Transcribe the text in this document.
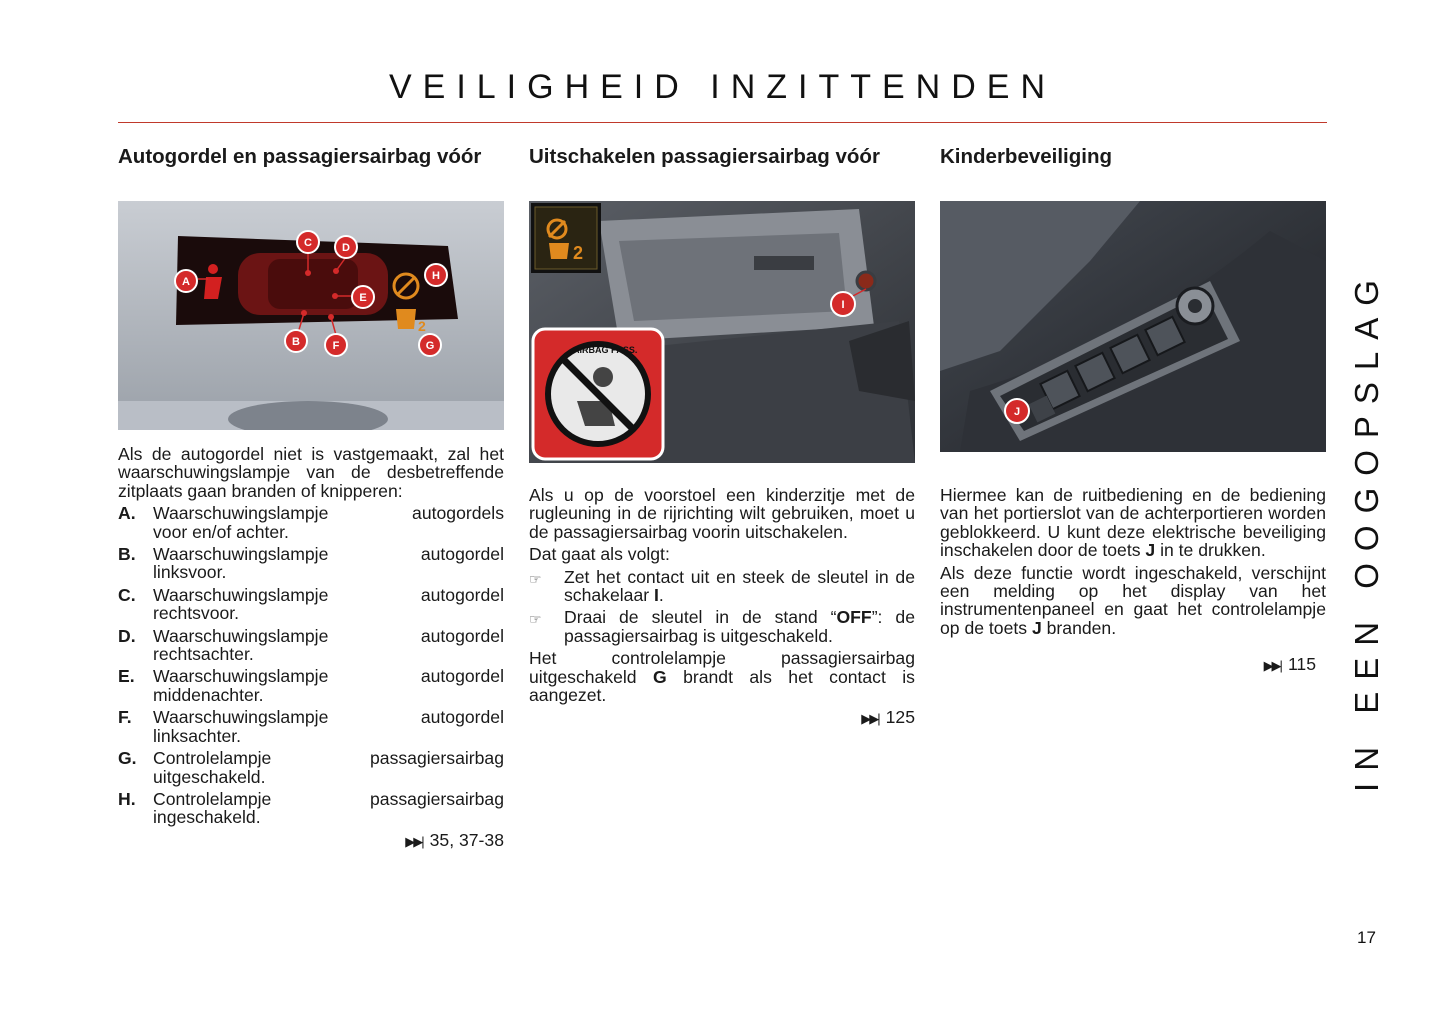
VEILIGHEID INZITTENDEN
Autogordel en passagiersairbag vóór
2
A
B
C	D
E
F	G
H

Als de autogordel niet is vastgemaakt, zal het waarschuwingslampje van de desbetreffende zitplaats gaan branden of knipperen:

A. Waarschuwingslampje	autogordels
voor en/of achter.
B. Waarschuwingslampje	autogordel
linksvoor.
C. Waarschuwingslampje	autogordel
rechtsvoor.
D. Waarschuwingslampje	autogordel
rechtsachter.
E.	Waarschuwingslampje	autogordel
middenachter.
F.	Waarschuwingslampje	autogordel
linksachter.
G. Controlelampje	passagiersairbag
uitgeschakeld.
H. Controlelampje	passagiersairbag
ingeschakeld.
▶▶| 35, 37-38
Uitschakelen passagiersairbag vóór
I
2
AIRBAG PASS.

Als u op de voorstoel een kinderzitje met de rugleuning in de rijrichting wilt gebruiken, moet u de passagiersairbag voorin uitschakelen.

Dat gaat als volgt:

☞	Zet het contact uit en steek de sleutel in de schakelaar I.
☞	Draai de sleutel in de stand “OFF”: de passagiersairbag is uitgeschakeld.

Het controlelampje passagiersairbag uitgeschakeld G brandt als het contact is aangezet.

▶▶| 125
Kinderbeveiliging
J

Hiermee kan de ruitbediening en de bediening van het portierslot van de achterportieren worden geblokkeerd. U kunt deze elektrische beveiliging inschakelen door de toets J in te drukken.

Als deze functie wordt ingeschakeld, verschijnt een melding op het display van het instrumentenpaneel en gaat het controlelampje op de toets J branden.

▶▶| 115 IN EEN OOGOPSLAG
17
